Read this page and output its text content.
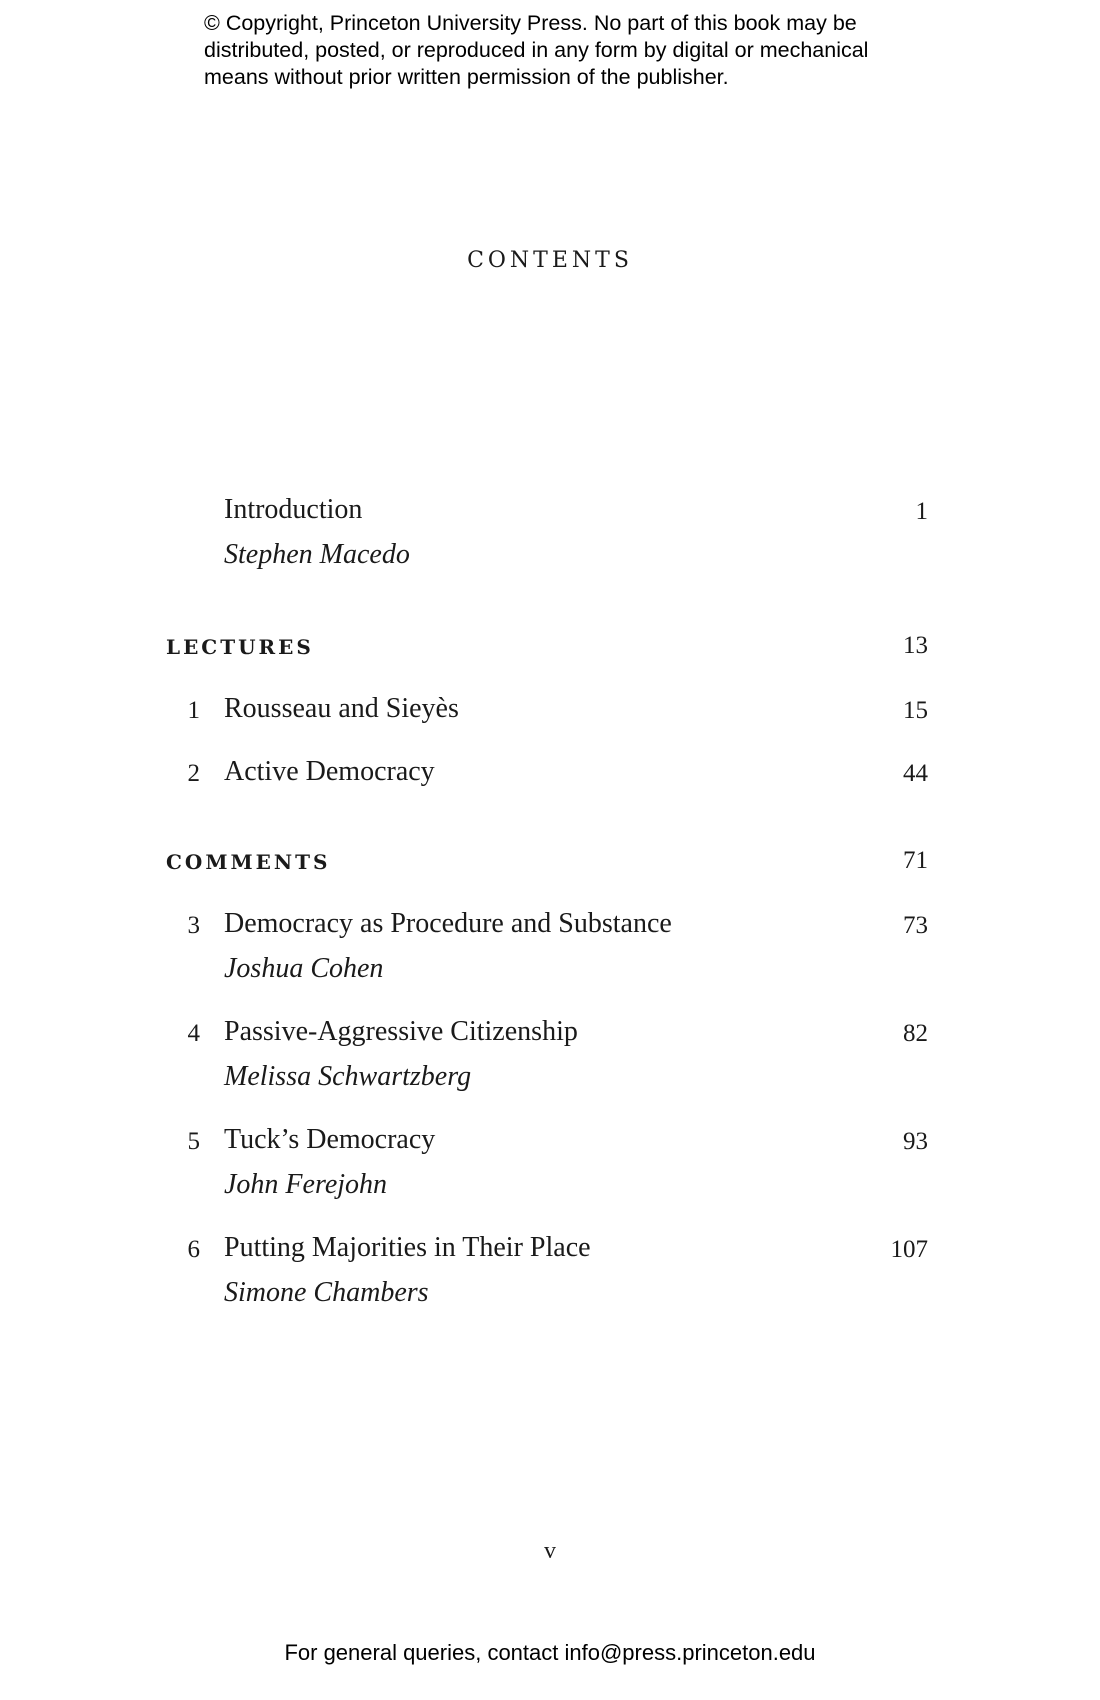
© Copyright, Princeton University Press. No part of this book may be
distributed, posted, or reproduced in any form by digital or mechanical
means without prior written permission of the publisher.
CONTENTS
Introduction	1
Stephen Macedo
LECTURES	13
1 Rousseau and Sieyès	15
2 Active Democracy	44
COMMENTS	71
3 Democracy as Procedure and Substance	73
Joshua Cohen
4 Passive-Aggressive Citizenship	82
Melissa Schwartzberg
5 Tuck’s Democracy	93
John Ferejohn
6 Putting Majorities in Their Place	107
Simone Chambers
v
For general queries, contact info@press.princeton.edu
